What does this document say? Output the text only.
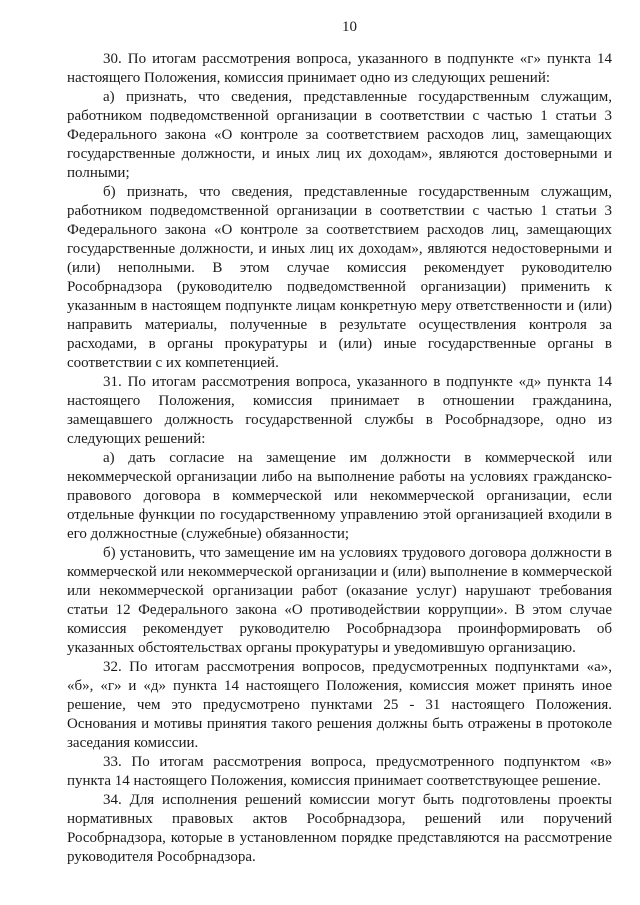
10

30. По итогам рассмотрения вопроса, указанного в подпункте «г» пункта 14 настоящего Положения, комиссия принимает одно из следующих решений:

а) признать, что сведения, представленные государственным служащим, работником подведомственной организации в соответствии с частью 1 статьи 3 Федерального закона «О контроле за соответствием расходов лиц, замещающих государственные должности, и иных лиц их доходам», являются достоверными и полными;

б) признать, что сведения, представленные государственным служащим, работником подведомственной организации в соответствии с частью 1 статьи 3 Федерального закона «О контроле за соответствием расходов лиц, замещающих государственные должности, и иных лиц их доходам», являются недостоверными и (или) неполными. В этом случае комиссия рекомендует руководителю Рособрнадзора (руководителю подведомственной организации) применить к указанным в настоящем подпункте лицам конкретную меру ответственности и (или) направить материалы, полученные в результате осуществления контроля за расходами, в органы прокуратуры и (или) иные государственные органы в соответствии с их компетенцией.

31. По итогам рассмотрения вопроса, указанного в подпункте «д» пункта 14 настоящего Положения, комиссия принимает в отношении гражданина, замещавшего должность государственной службы в Рособрнадзоре, одно из следующих решений:

а) дать согласие на замещение им должности в коммерческой или некоммерческой организации либо на выполнение работы на условиях гражданско-правового договора в коммерческой или некоммерческой организации, если отдельные функции по государственному управлению этой организацией входили в его должностные (служебные) обязанности;

б) установить, что замещение им на условиях трудового договора должности в коммерческой или некоммерческой организации и (или) выполнение в коммерческой или некоммерческой организации работ (оказание услуг) нарушают требования статьи 12 Федерального закона «О противодействии коррупции». В этом случае комиссия рекомендует руководителю Рособрнадзора проинформировать об указанных обстоятельствах органы прокуратуры и уведомившую организацию.

32. По итогам рассмотрения вопросов, предусмотренных подпунктами «а», «б», «г» и «д» пункта 14 настоящего Положения, комиссия может принять иное решение, чем это предусмотрено пунктами 25 - 31 настоящего Положения. Основания и мотивы принятия такого решения должны быть отражены в протоколе заседания комиссии.

33. По итогам рассмотрения вопроса, предусмотренного подпунктом «в» пункта 14 настоящего Положения, комиссия принимает соответствующее решение.

34. Для исполнения решений комиссии могут быть подготовлены проекты нормативных правовых актов Рособрнадзора, решений или поручений Рособрнадзора, которые в установленном порядке представляются на рассмотрение руководителя Рособрнадзора.
